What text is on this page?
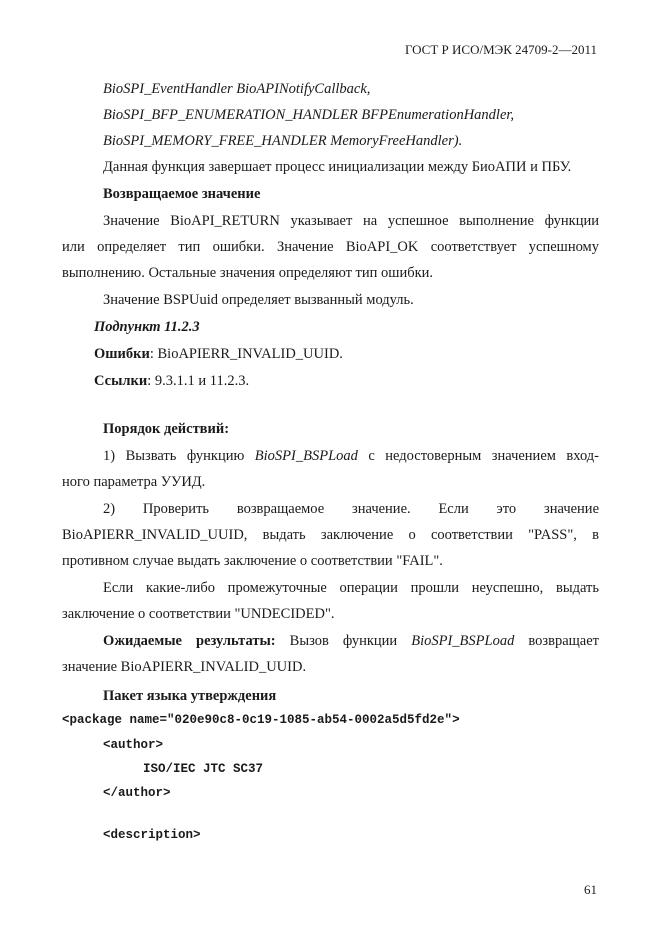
ГОСТ Р ИСО/МЭК 24709-2—2011
BioSPI_EventHandler BioAPINotifyCallback,
BioSPI_BFP_ENUMERATION_HANDLER BFPEnumerationHandler,
BioSPI_MEMORY_FREE_HANDLER MemoryFreeHandler).
Данная функция завершает процесс инициализации между БиоАПИ и ПБУ.
Возвращаемое значение
Значение BioAPI_RETURN указывает на успешное выполнение функции
или определяет тип ошибки. Значение BioAPI_OK соответствует успешному
выполнению. Остальные значения определяют тип ошибки.
Значение BSPUuid определяет вызванный модуль.
Подпункт 11.2.3
Ошибки: BioAPIERR_INVALID_UUID.
Ссылки: 9.3.1.1 и 11.2.3.
Порядок действий:
1) Вызвать функцию BioSPI_BSPLoad с недостоверным значением вход-
ного параметра УУИД.
2) Проверить возвращаемое значение. Если это значение
BioAPIERR_INVALID_UUID, выдать заключение о соответствии "PASS", в
противном случае выдать заключение о соответствии "FAIL".
Если какие-либо промежуточные операции прошли неуспешно, выдать
заключение о соответствии "UNDECIDED".
Ожидаемые результаты: Вызов функции BioSPI_BSPLoad возвращает
значение BioAPIERR_INVALID_UUID.
Пакет языка утверждения
<package name="020e90c8-0c19-1085-ab54-0002a5d5fd2e">
<author>
ISO/IEC JTC SC37
</author>
<description>
61
